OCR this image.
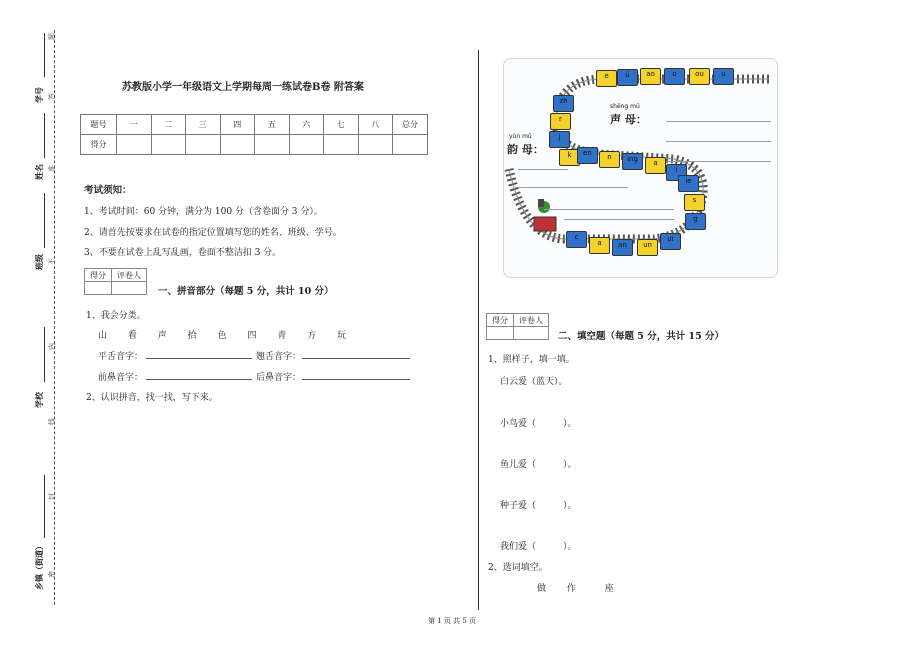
学号
姓名
班级
学校
乡镇（街道）
题
答
准
不
内
线
封
密
苏教版小学一年级语文上学期每周一练试卷B卷 附答案
题号	一	二	三	四	五	六	七	八	总分
得分									
考试须知：
1、考试时间：60 分钟，满分为 100 分（含卷面分 3 分）。
2、请首先按要求在试卷的指定位置填写您的姓名、班级、学号。
3、不要在试卷上乱写乱画，卷面不整洁扣 3 分。
得分	评卷人

一、拼音部分（每题 5 分，共计 10 分）
1、我会分类。
山 看 声 拾 色 四 青 方 玩
平舌音字：	翘舌音字：
前鼻音字：	后鼻音字：
2、认识拼音，找一找，写下来。
e	ü	ao	o	ou	u
zh
r
j
k	en	n	ing	a
i
ie
s
g
c
a	an	un
ui
shēng mǔ
声 母：
yùn mǔ
韵 母：
得分	评卷人

二、填空题（每题 5 分，共计 15 分）
1、照样子，填一填。
白云爱（蓝天）。
小鸟爱（　　　）。
鱼儿爱（　　　）。
种子爱（　　　）。
我们爱（　　　）。
2、选词填空。
做 作	座
第 1 页 共 5 页
